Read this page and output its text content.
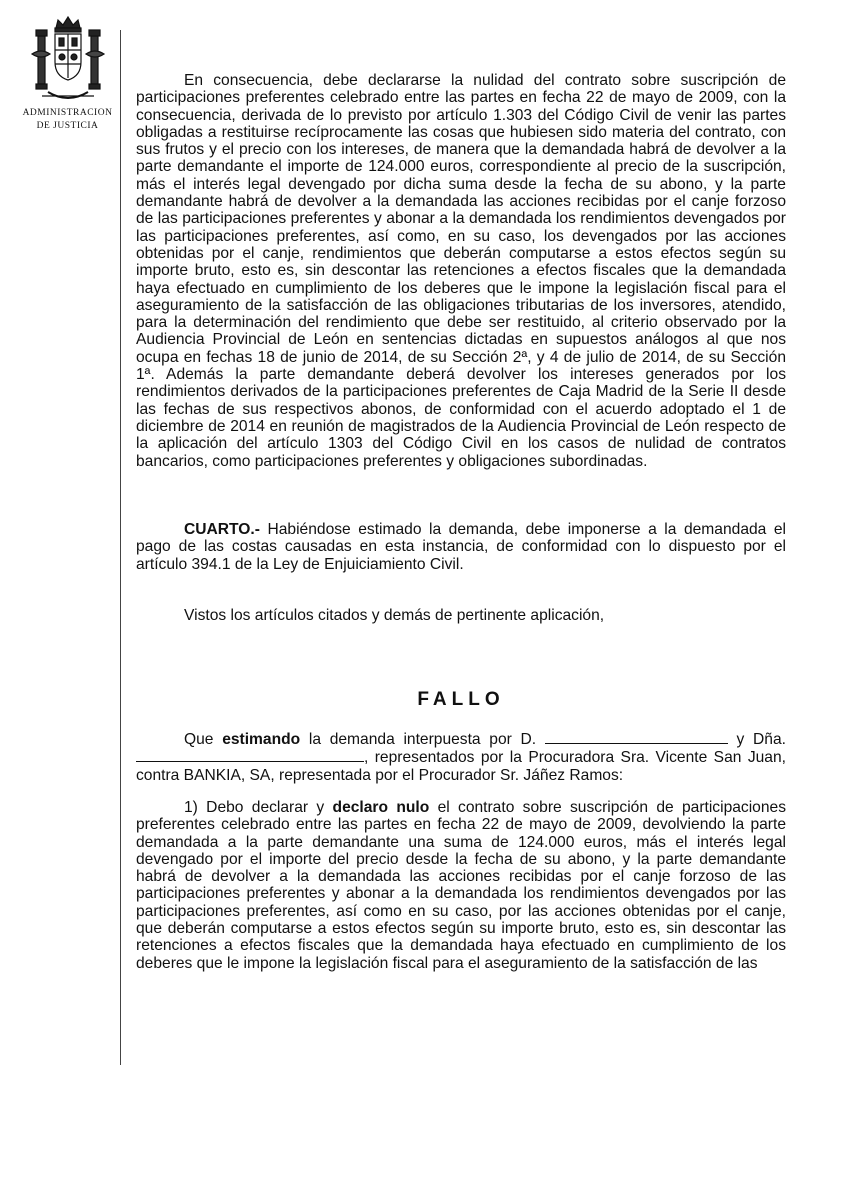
ADMINISTRACION
DE JUSTICIA

En consecuencia, debe declararse la nulidad del contrato sobre suscripción de participaciones preferentes celebrado entre las partes en fecha 22 de mayo de 2009, con la consecuencia, derivada de lo previsto por artículo 1.303 del Código Civil de venir las partes obligadas a restituirse recíprocamente las cosas que hubiesen sido materia del contrato, con sus frutos y el precio con los intereses, de manera que la demandada habrá de devolver a la parte demandante el importe de 124.000 euros, correspondiente al precio de la suscripción, más el interés legal devengado por dicha suma desde la fecha de su abono, y la parte demandante habrá de devolver a la demandada las acciones recibidas por el canje forzoso de las participaciones preferentes y abonar a la demandada los rendimientos devengados por las participaciones preferentes, así como, en su caso, los devengados por las acciones obtenidas por el canje, rendimientos que deberán computarse a estos efectos según su importe bruto, esto es, sin descontar las retenciones a efectos fiscales que la demandada haya efectuado en cumplimiento de los deberes que le impone la legislación fiscal para el aseguramiento de la satisfacción de las obligaciones tributarias de los inversores, atendido, para la determinación del rendimiento que debe ser restituido, al criterio observado por la Audiencia Provincial de León en sentencias dictadas en supuestos análogos al que nos ocupa en fechas 18 de junio de 2014, de su Sección 2ª, y 4 de julio de 2014, de su Sección 1ª. Además la parte demandante deberá devolver los intereses generados por los rendimientos derivados de la participaciones preferentes de Caja Madrid de la Serie II desde las fechas de sus respectivos abonos, de conformidad con el acuerdo adoptado el 1 de diciembre de 2014 en reunión de magistrados de la Audiencia Provincial de León respecto de la aplicación del artículo 1303 del Código Civil en los casos de nulidad de contratos bancarios, como participaciones preferentes y obligaciones subordinadas.

CUARTO.- Habiéndose estimado la demanda, debe imponerse a la demandada el pago de las costas causadas en esta instancia, de conformidad con lo dispuesto por el artículo 394.1 de la Ley de Enjuiciamiento Civil.

Vistos los artículos citados y demás de pertinente aplicación,

FALLO

Que estimando la demanda interpuesta por D.	y Dña. , representados por la Procuradora Sra. Vicente San Juan, contra BANKIA, SA, representada por el Procurador Sr. Jáñez Ramos:

1) Debo declarar y declaro nulo el contrato sobre suscripción de participaciones preferentes celebrado entre las partes en fecha 22 de mayo de 2009, devolviendo la parte demandada a la parte demandante una suma de 124.000 euros, más el interés legal devengado por el importe del precio desde la fecha de su abono, y la parte demandante habrá de devolver a la demandada las acciones recibidas por el canje forzoso de las participaciones preferentes y abonar a la demandada los rendimientos devengados por las participaciones preferentes, así como en su caso, por las acciones obtenidas por el canje, que deberán computarse a estos efectos según su importe bruto, esto es, sin descontar las retenciones a efectos fiscales que la demandada haya efectuado en cumplimiento de los deberes que le impone la legislación fiscal para el aseguramiento de la satisfacción de las
